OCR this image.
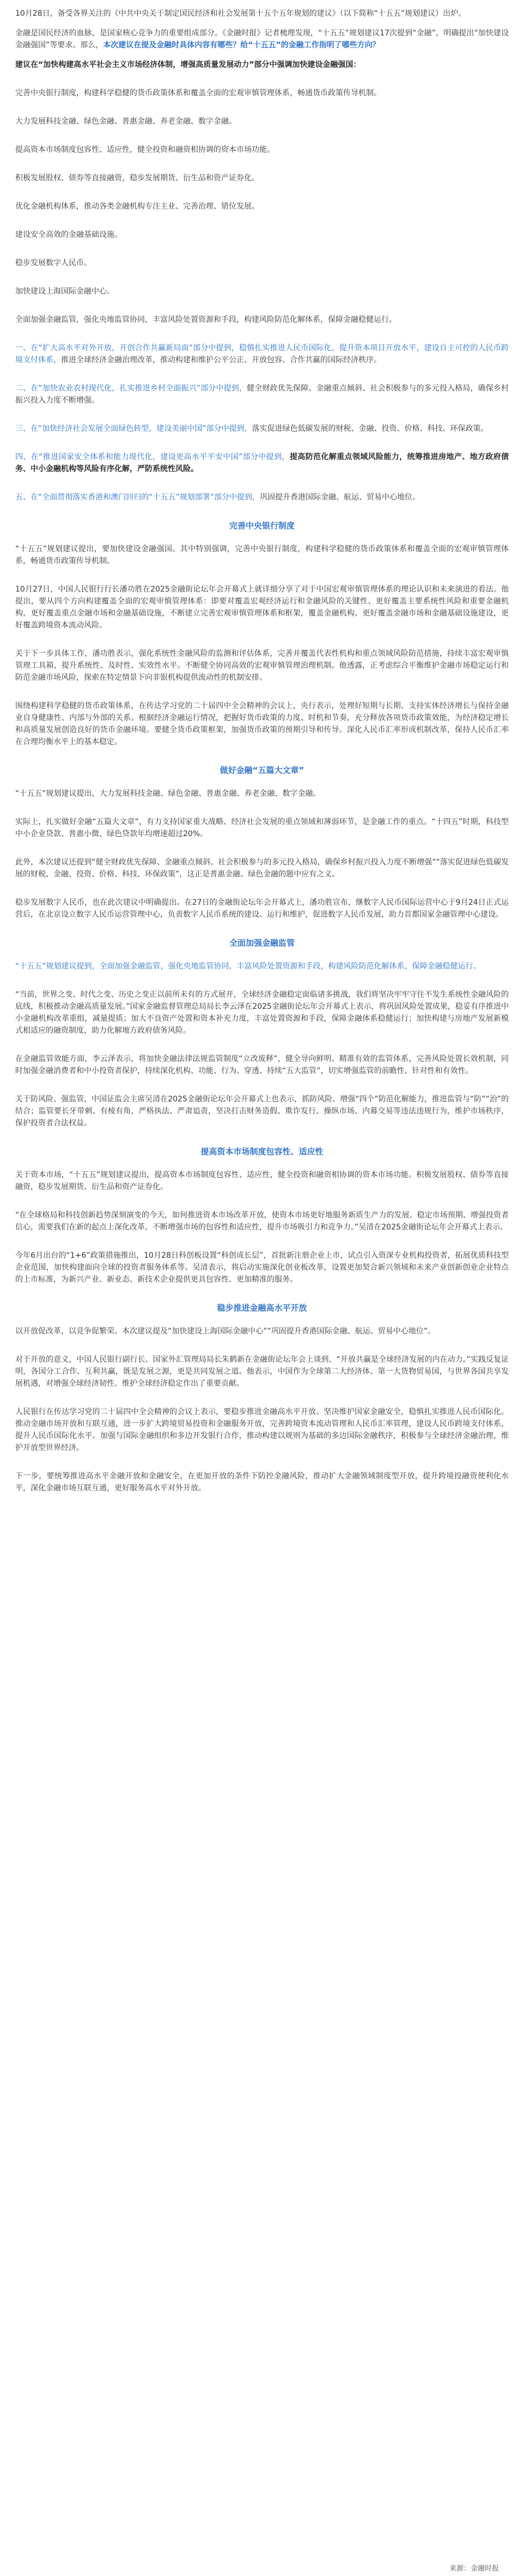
10月28日，备受各界关注的《中共中央关于制定国民经济和社会发展第十五个五年规划的建议》（以下简称“十五五”规划建议）出炉。

金融是国民经济的血脉，是国家核心竞争力的重要组成部分。《金融时报》记者梳理发现，“十五五”规划建议17次提到“金融”，明确提出“加快建设金融强国”等要求。那么，本次建议在提及金融时具体内容有哪些？给“十五五”的金融工作指明了哪些方向？

建议在“加快构建高水平社会主义市场经济体制，增强高质量发展动力”部分中强调加快建设金融强国：

完善中央银行制度，构建科学稳健的货币政策体系和覆盖全面的宏观审慎管理体系，畅通货币政策传导机制。

大力发展科技金融、绿色金融、普惠金融、养老金融、数字金融。

提高资本市场制度包容性、适应性，健全投资和融资相协调的资本市场功能。

积极发展股权、债券等直接融资，稳步发展期货、衍生品和资产证券化。

优化金融机构体系，推动各类金融机构专注主业、完善治理、错位发展。

建设安全高效的金融基础设施。

稳步发展数字人民币。

加快建设上海国际金融中心。

全面加强金融监管，强化央地监管协同，丰富风险处置资源和手段，构建风险防范化解体系，保障金融稳健运行。

一、在“扩大高水平对外开放，开创合作共赢新局面”部分中提到，稳慎扎实推进人民币国际化，提升资本项目开放水平，建设自主可控的人民币跨境支付体系，推进全球经济金融治理改革，推动构建和维护公平公正、开放包容、合作共赢的国际经济秩序。

二、在“加快农业农村现代化，扎实推进乡村全面振兴”部分中提到，健全财政优先保障、金融重点倾斜、社会积极参与的多元投入格局，确保乡村振兴投入力度不断增强。

三、在“加快经济社会发展全面绿色转型，建设美丽中国”部分中提到，落实促进绿色低碳发展的财税、金融、投资、价格、科技、环保政策。

四、在“推进国家安全体系和能力现代化，建设更高水平平安中国”部分中提到，提高防范化解重点领域风险能力，统筹推进房地产、地方政府债务、中小金融机构等风险有序化解，严防系统性风险。

五、在“全面贯彻落实香港和澳门回归的“十五五”规划部署”部分中提到，巩固提升香港国际金融、航运、贸易中心地位。

完善中央银行制度

“十五五”规划建议提出，要加快建设金融强国。其中特别强调，完善中央银行制度，构建科学稳健的货币政策体系和覆盖全面的宏观审慎管理体系，畅通货币政策传导机制。

10月27日，中国人民银行行长潘功胜在2025金融街论坛年会开幕式上就详细分享了对于中国宏观审慎管理体系的理论认识和未来演进的看法。他提出，要从四个方向构建覆盖全面的宏观审慎管理体系：即要对覆盖宏观经济运行和金融风险的关键性、更好覆盖主要系统性风险和重要金融机构，更好覆盖重点金融市场和金融基础设施，不断建立完善宏观审慎管理体系和框架，覆盖金融机构、更好覆盖金融市场和金融基础设施建设，更好覆盖跨境资本流动风险。

关于下一步具体工作，潘功胜表示，强化系统性金融风险的监测和评估体系，完善并覆盖代表性机构和重点领域风险防范措施，持续丰富宏观审慎管理工具箱，提升系统性、及时性、实效性水平。不断健全协同高效的宏观审慎管理治理机制。他透露，正考虑综合平衡维护金融市场稳定运行和防范金融市场风险，探索在特定情景下向非银机构提供流动性的机制安排。

围绕构建科学稳健的货币政策体系，在传达学习党的二十届四中全会精神的会议上，央行表示，处理好短期与长期、支持实体经济增长与保持金融业自身健康性、内部与外部的关系。根据经济金融运行情况，把握好货币政策的力度、时机和节奏，充分释放各项货币政策效能，为经济稳定增长和高质量发展创造良好的货币金融环境。要健全货币政策框架，加强货币政策的预期引导和传导。深化人民币汇率形成机制改革，保持人民币汇率在合理均衡水平上的基本稳定。

做好金融“五篇大文章”

“十五五”规划建议提出，大力发展科技金融、绿色金融、普惠金融、养老金融、数字金融。

实际上，扎实做好金融“五篇大文章”，有力支持国家重大战略、经济社会发展的重点领域和薄弱环节，是金融工作的重点。“十四五”时期，科技型中小企业贷款、普惠小微、绿色贷款年均增速超过20%。

此外，本次建议还提到“健全财政优先保障、金融重点倾斜、社会积极参与的多元投入格局，确保乡村振兴投入力度不断增强”“落实促进绿色低碳发展的财税、金融、投资、价格、科技、环保政策”，这正是普惠金融、绿色金融的题中应有之义。

稳步发展数字人民币，也在此次建议中明确提出。在27日的金融街论坛年会开幕式上，潘功胜宣布，继数字人民币国际运营中心于9月24日正式运营后，在北京设立数字人民币运营管理中心，负责数字人民币系统的建设、运行和维护，促进数字人民币发展，助力首都国家金融管理中心建设。

全面加强金融监管

“十五五”规划建议提到，全面加强金融监管，强化央地监管协同，丰富风险处置资源和手段，构建风险防范化解体系，保障金融稳健运行。

“当前，世界之变、时代之变、历史之变正以前所未有的方式展开，全球经济金融稳定面临诸多挑战，我们将坚决牢牢守住不发生系统性金融风险的底线，积极推动金融高质量发展。”国家金融监督管理总局局长李云泽在2025金融街论坛年会开幕式上表示，将巩固风险处置成果，稳妥有序推进中小金融机构改革重组，减量提质；加大不良资产处置和资本补充力度，丰富处置资源和手段，保障金融体系稳健运行；加快构建与房地产发展新模式相适应的融资制度，助力化解地方政府债务风险。

在金融监管效能方面，李云泽表示，将加快金融法律法规监管制度“立改废释”，健全导向鲜明、精准有效的监管体系，完善风险处置长效机制，同时加强金融消费者和中小投资者保护，持续深化机构、功能、行为、穿透、持续“五大监管”，切实增强监管的前瞻性、针对性和有效性。

关于防风险、强监管，中国证监会主席吴清在2025金融街论坛年会开幕式上也表示，抓防风险、增强“四个”防范化解能力，推进监管与“防”“治”的结合；监管要长牙带刺、有棱有角，严格执法、严肃追责，坚决打击财务造假、欺诈发行、操纵市场、内幕交易等违法违规行为，维护市场秩序，保护投资者合法权益。

提高资本市场制度包容性、适应性

关于资本市场，“十五五”规划建议提出，提高资本市场制度包容性、适应性，健全投资和融资相协调的资本市场功能。积极发展股权、债券等直接融资，稳步发展期货、衍生品和资产证券化。

“在全球格局和科技创新趋势深刻演变的今天，如何推进资本市场改革开放，使资本市场更好地服务新质生产力的发展、稳定市场预期、增强投资者信心，需要我们在新的起点上深化改革，不断增强市场的包容性和适应性，提升市场吸引力和竞争力。”吴清在2025金融街论坛年会开幕式上表示。

今年6月出台的“1+6”政策措施推出，10月28日科创板设置“科创成长层”，首批新注册企业上市，试点引入资深专业机构投资者，拓展优质科技型企业范围，加快构建面向全球的投资者服务体系等。吴清表示，将启动实施深化创业板改革，设置更加契合新兴领域和未来产业创新创业企业特点的上市标准，为新兴产业、新业态、新技术企业提供更具包容性、更加精准的服务。

稳步推进金融高水平开放

以开放促改革，以竞争促繁荣。本次建议提及“加快建设上海国际金融中心”“巩固提升香港国际金融、航运、贸易中心地位”。

对于开放的意义，中国人民银行副行长、国家外汇管理局局长朱鹤新在金融街论坛年会上谈到，“开放共赢是全球经济发展的内在动力。”实践反复证明，各国分工合作、互利共赢，既是发展之源，更是共同发展之道。他表示，中国作为全球第二大经济体、第一大货物贸易国，与世界各国共享发展机遇，对增强全球经济韧性、维护全球经济稳定作出了重要贡献。

人民银行在传达学习党的二十届四中全会精神的会议上表示，要稳步推进金融高水平开放。坚决维护国家金融安全，稳慎扎实推进人民币国际化。推动金融市场开放和互联互通，进一步扩大跨境贸易投资和金融服务开放，完善跨境资本流动管理和人民币汇率管理，建设人民币跨境支付体系，提升人民币国际化水平。加强与国际金融组织和多边开发银行合作，推动构建以规则为基础的多边国际金融秩序，积极参与全球经济金融治理，维护开放型世界经济。

下一步，要统筹推进高水平金融开放和金融安全，在更加开放的条件下防控金融风险，推动扩大金融领域制度型开放，提升跨境投融资便利化水平，深化金融市场互联互通，更好服务高水平对外开放。

来源：金融时报
